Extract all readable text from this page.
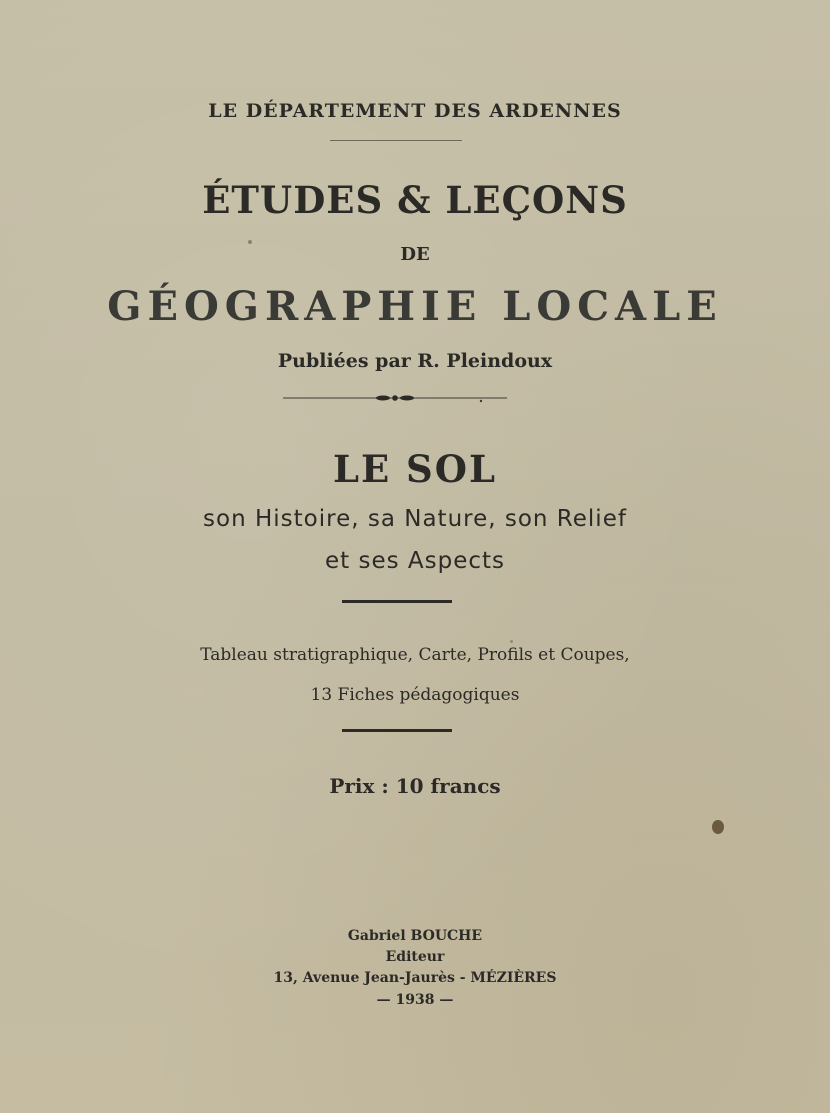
LE DÉPARTEMENT DES ARDENNES
ÉTUDES & LEÇONS
DE
GÉOGRAPHIE LOCALE
Publiées par R. Pleindoux
LE SOL
son Histoire, sa Nature, son Relief
et ses Aspects
Tableau stratigraphique, Carte, Profils et Coupes,
13 Fiches pédagogiques
Prix : 10 francs
Gabriel BOUCHE
Editeur
13, Avenue Jean-Jaurès - MÉZIÈRES
— 1938 —
